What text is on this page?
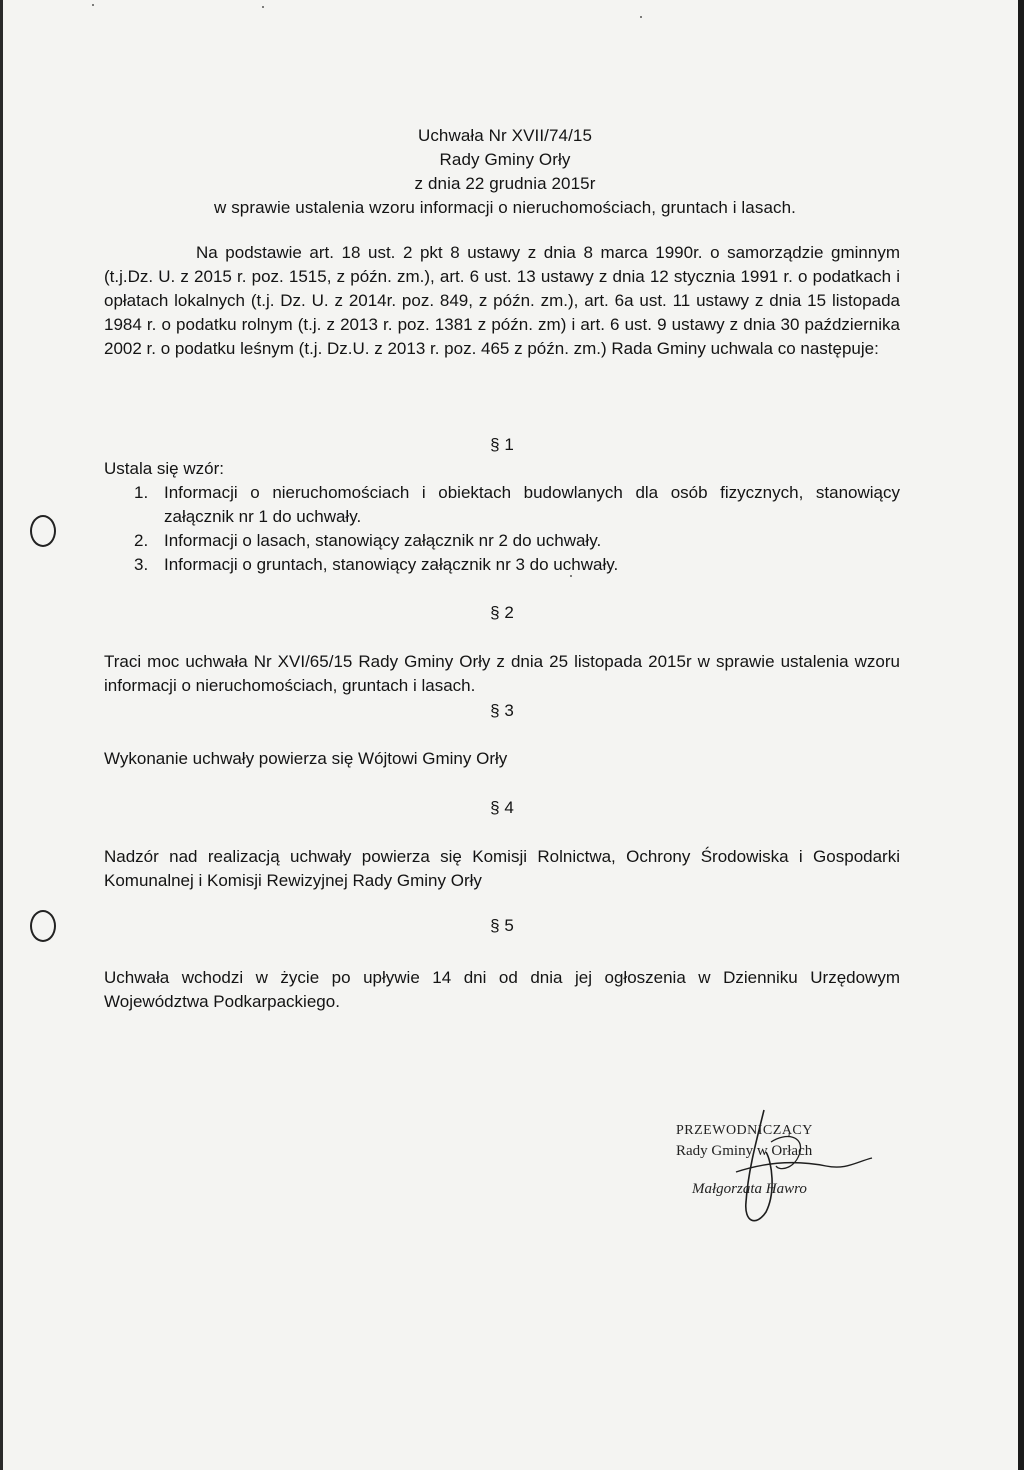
Uchwała Nr XVII/74/15
Rady Gminy Orły
z dnia 22 grudnia 2015r
w sprawie ustalenia wzoru informacji o nieruchomościach, gruntach i lasach.
Na podstawie art. 18 ust. 2 pkt 8 ustawy z dnia 8 marca 1990r. o samorządzie gminnym (t.j.Dz. U. z 2015 r. poz. 1515, z późn. zm.), art. 6 ust. 13 ustawy z dnia 12 stycznia 1991 r. o podatkach i opłatach lokalnych (t.j. Dz. U. z 2014r. poz. 849, z późn. zm.), art. 6a ust. 11 ustawy z dnia 15 listopada 1984 r. o podatku rolnym (t.j. z 2013 r. poz. 1381 z późn. zm) i art. 6 ust. 9 ustawy z dnia 30 października 2002 r. o podatku leśnym (t.j. Dz.U. z 2013 r. poz. 465 z późn. zm.) Rada Gminy uchwala co następuje:
§ 1
Ustala się wzór:
1. Informacji o nieruchomościach i obiektach budowlanych dla osób fizycznych, stanowiący załącznik nr 1 do uchwały.
2. Informacji o lasach, stanowiący załącznik nr 2 do uchwały.
3. Informacji o gruntach, stanowiący załącznik nr 3 do uchwały.
§ 2
Traci moc uchwała Nr XVI/65/15 Rady Gminy Orły z dnia 25 listopada 2015r w sprawie ustalenia wzoru informacji o nieruchomościach, gruntach i lasach.
§ 3
Wykonanie uchwały powierza się Wójtowi Gminy Orły
§ 4
Nadzór nad realizacją uchwały powierza się Komisji Rolnictwa, Ochrony Środowiska i Gospodarki Komunalnej i Komisji Rewizyjnej Rady Gminy Orły
§ 5
Uchwała wchodzi w życie po upływie 14 dni od dnia jej ogłoszenia w Dzienniku Urzędowym Województwa Podkarpackiego.
PRZEWODNICZĄCY
Rady Gminy w Orłach
Małgorzata Hawro
